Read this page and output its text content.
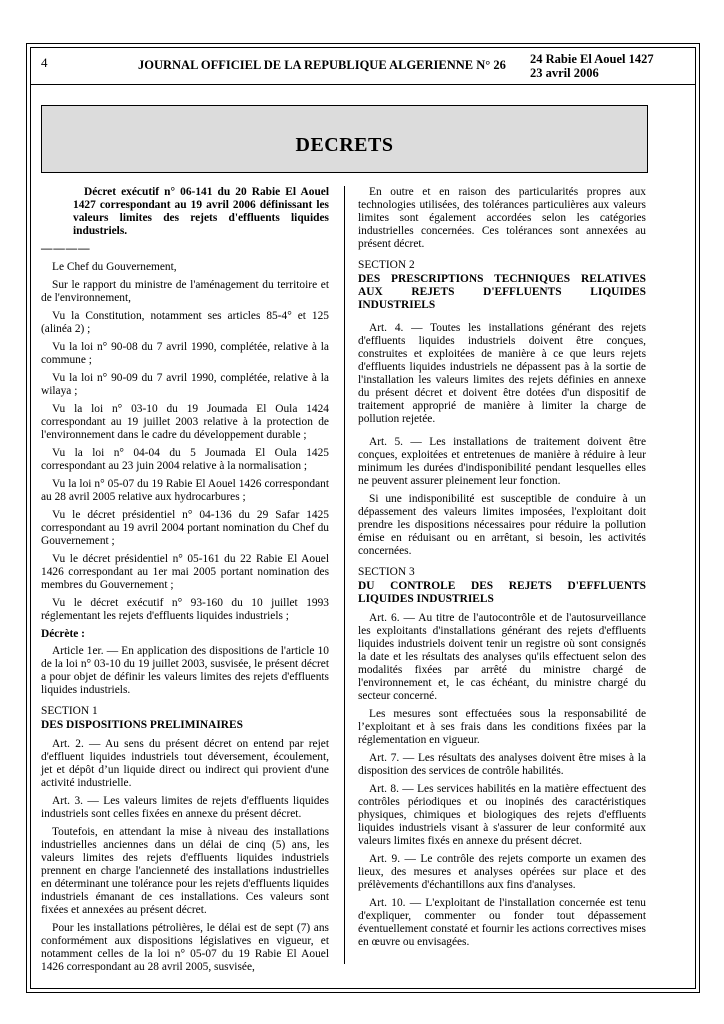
4	JOURNAL OFFICIEL DE LA REPUBLIQUE ALGERIENNE N° 26 24 Rabie El Aouel 1427
23 avril 2006
DECRETS

Décret exécutif n° 06-141 du 20 Rabie El Aouel 1427 correspondant au 19 avril 2006 définissant les valeurs limites des rejets d'effluents liquides industriels.

————

Le Chef du Gouvernement,

Sur le rapport du ministre de l'aménagement du territoire et de l'environnement,

Vu la Constitution, notamment ses articles 85-4° et 125 (alinéa 2) ;

Vu la loi n° 90-08 du 7 avril 1990, complétée, relative à la commune ;

Vu la loi n° 90-09 du 7 avril 1990, complétée, relative à la wilaya ;

Vu la loi n° 03-10 du 19 Joumada El Oula 1424 correspondant au 19 juillet 2003 relative à la protection de l'environnement dans le cadre du développement durable ;

Vu la loi n° 04-04 du 5 Joumada El Oula 1425 correspondant au 23 juin 2004 relative à la normalisation ;

Vu la loi n° 05-07 du 19 Rabie El Aouel 1426 correspondant au 28 avril 2005 relative aux hydrocarbures ;

Vu le décret présidentiel n° 04-136 du 29 Safar 1425 correspondant au 19 avril 2004 portant nomination du Chef du Gouvernement ;

Vu le décret présidentiel n° 05-161 du 22 Rabie El Aouel 1426 correspondant au 1er mai 2005 portant nomination des membres du Gouvernement ;

Vu le décret exécutif n° 93-160 du 10 juillet 1993 réglementant les rejets d'effluents liquides industriels ;

Décrète :

Article 1er. — En application des dispositions de l'article 10 de la loi n° 03-10 du 19 juillet 2003, susvisée, le présent décret a pour objet de définir les valeurs limites des rejets d'effluents liquides industriels.

SECTION 1

DES DISPOSITIONS PRELIMINAIRES

Art. 2. — Au sens du présent décret on entend par rejet d'effluent liquides industriels tout déversement, écoulement, jet et dépôt d’un liquide direct ou indirect qui provient d'une activité industrielle.

Art. 3. — Les valeurs limites de rejets d'effluents liquides industriels sont celles fixées en annexe du présent décret.

Toutefois, en attendant la mise à niveau des installations industrielles anciennes dans un délai de cinq (5) ans, les valeurs limites des rejets d'effluents liquides industriels prennent en charge l'ancienneté des installations industrielles en déterminant une tolérance pour les rejets d'effluents liquides industriels émanant de ces installations. Ces valeurs sont fixées et annexées au présent décret.

Pour les installations pétrolières, le délai est de sept (7) ans conformément aux dispositions législatives en vigueur, et notamment celles de la loi n° 05-07 du 19 Rabie El Aouel 1426 correspondant au 28 avril 2005, susvisée,

En outre et en raison des particularités propres aux technologies utilisées, des tolérances particulières aux valeurs limites sont également accordées selon les catégories industrielles concernées. Ces tolérances sont annexées au présent décret.

SECTION 2

DES PRESCRIPTIONS TECHNIQUES RELATIVES AUX REJETS D'EFFLUENTS LIQUIDES INDUSTRIELS

Art. 4. — Toutes les installations générant des rejets d'effluents liquides industriels doivent être conçues, construites et exploitées de manière à ce que leurs rejets d'effluents liquides industriels ne dépassent pas à la sortie de l'installation les valeurs limites des rejets définies en annexe du présent décret et doivent être dotées d'un dispositif de traitement approprié de manière à limiter la charge de pollution rejetée.

Art. 5. — Les installations de traitement doivent être conçues, exploitées et entretenues de manière à réduire à leur minimum les durées d'indisponibilité pendant lesquelles elles ne peuvent assurer pleinement leur fonction.

Si une indisponibilité est susceptible de conduire à un dépassement des valeurs limites imposées, l'exploitant doit prendre les dispositions nécessaires pour réduire la pollution émise en réduisant ou en arrêtant, si besoin, les activités concernées.

SECTION 3

DU CONTROLE DES REJETS D'EFFLUENTS LIQUIDES INDUSTRIELS

Art. 6. — Au titre de l'autocontrôle et de l'autosurveillance les exploitants d'installations générant des rejets d'effluents liquides industriels doivent tenir un registre où sont consignés la date et les résultats des analyses qu'ils effectuent selon des modalités fixées par arrêté du ministre chargé de l'environnement et, le cas échéant, du ministre chargé du secteur concerné.

Les mesures sont effectuées sous la responsabilité de l’exploitant et à ses frais dans les conditions fixées par la réglementation en vigueur.

Art. 7. — Les résultats des analyses doivent être mises à la disposition des services de contrôle habilités.

Art. 8. — Les services habilités en la matière effectuent des contrôles périodiques et ou inopinés des caractéristiques physiques, chimiques et biologiques des rejets d'effluents liquides industriels visant à s'assurer de leur conformité aux valeurs limites fixés en annexe du présent décret.

Art. 9. — Le contrôle des rejets comporte un examen des lieux, des mesures et analyses opérées sur place et des prélèvements d'échantillons aux fins d'analyses.

Art. 10. — L'exploitant de l'installation concernée est tenu d'expliquer, commenter ou fonder tout dépassement éventuellement constaté et fournir les actions correctives mises en œuvre ou envisagées.
